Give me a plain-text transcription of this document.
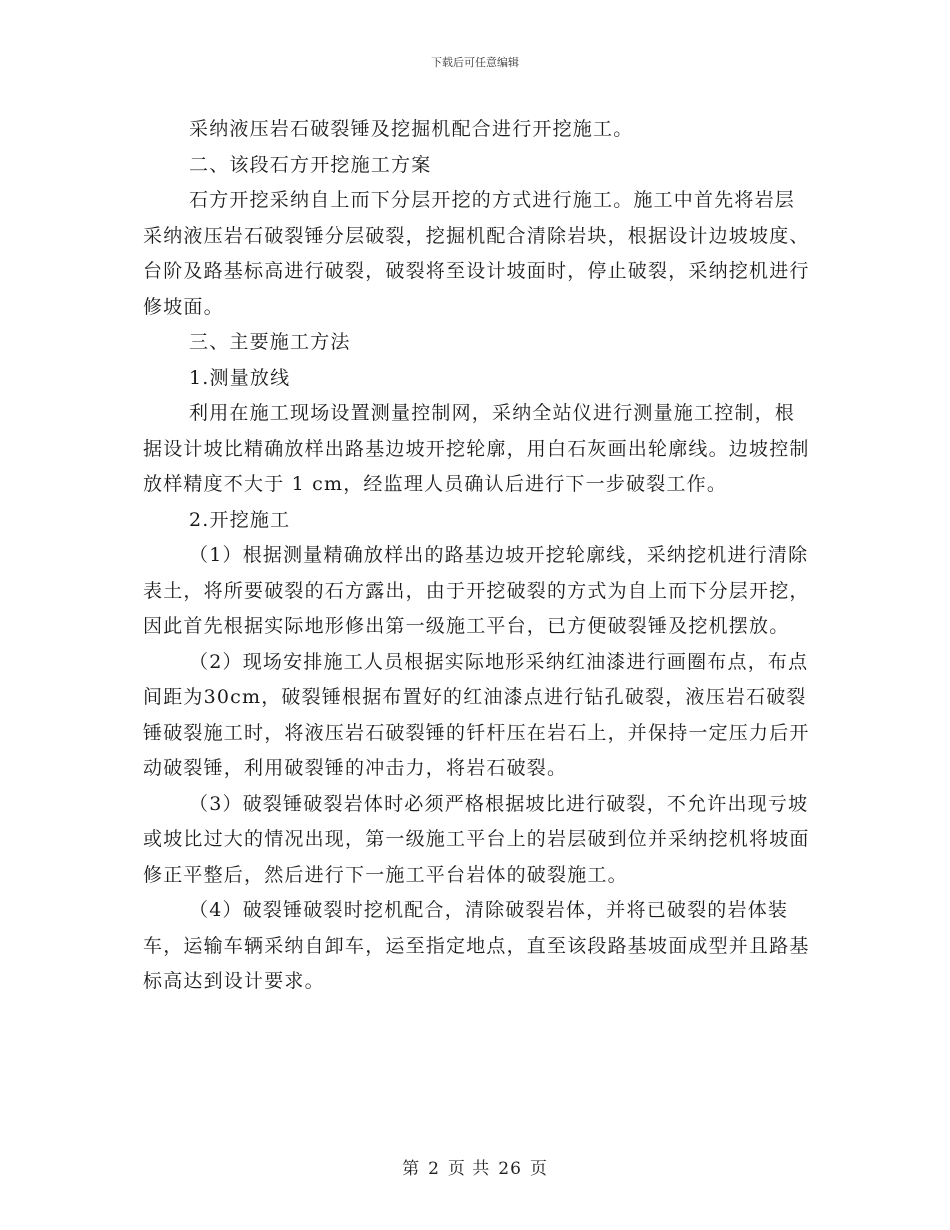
下载后可任意编辑

采纳液压岩石破裂锤及挖掘机配合进行开挖施工。

二、该段石方开挖施工方案

石方开挖采纳自上而下分层开挖的方式进行施工。施工中首先将岩层采纳液压岩石破裂锤分层破裂，挖掘机配合清除岩块，根据设计边坡坡度、台阶及路基标高进行破裂，破裂将至设计坡面时，停止破裂，采纳挖机进行修坡面。

三、主要施工方法

1.测量放线

利用在施工现场设置测量控制网，采纳全站仪进行测量施工控制，根据设计坡比精确放样出路基边坡开挖轮廓，用白石灰画出轮廓线。边坡控制放样精度不大于 1 cm，经监理人员确认后进行下一步破裂工作。

2.开挖施工

（1）根据测量精确放样出的路基边坡开挖轮廓线，采纳挖机进行清除表土，将所要破裂的石方露出，由于开挖破裂的方式为自上而下分层开挖，因此首先根据实际地形修出第一级施工平台，已方便破裂锤及挖机摆放。

（2）现场安排施工人员根据实际地形采纳红油漆进行画圈布点，布点间距为30cm，破裂锤根据布置好的红油漆点进行钻孔破裂，液压岩石破裂锤破裂施工时，将液压岩石破裂锤的钎杆压在岩石上，并保持一定压力后开动破裂锤，利用破裂锤的冲击力，将岩石破裂。

（3）破裂锤破裂岩体时必须严格根据坡比进行破裂，不允许出现亏坡或坡比过大的情况出现，第一级施工平台上的岩层破到位并采纳挖机将坡面修正平整后，然后进行下一施工平台岩体的破裂施工。

（4）破裂锤破裂时挖机配合，清除破裂岩体，并将已破裂的岩体装车，运输车辆采纳自卸车，运至指定地点，直至该段路基坡面成型并且路基标高达到设计要求。

第 2 页 共 26 页
